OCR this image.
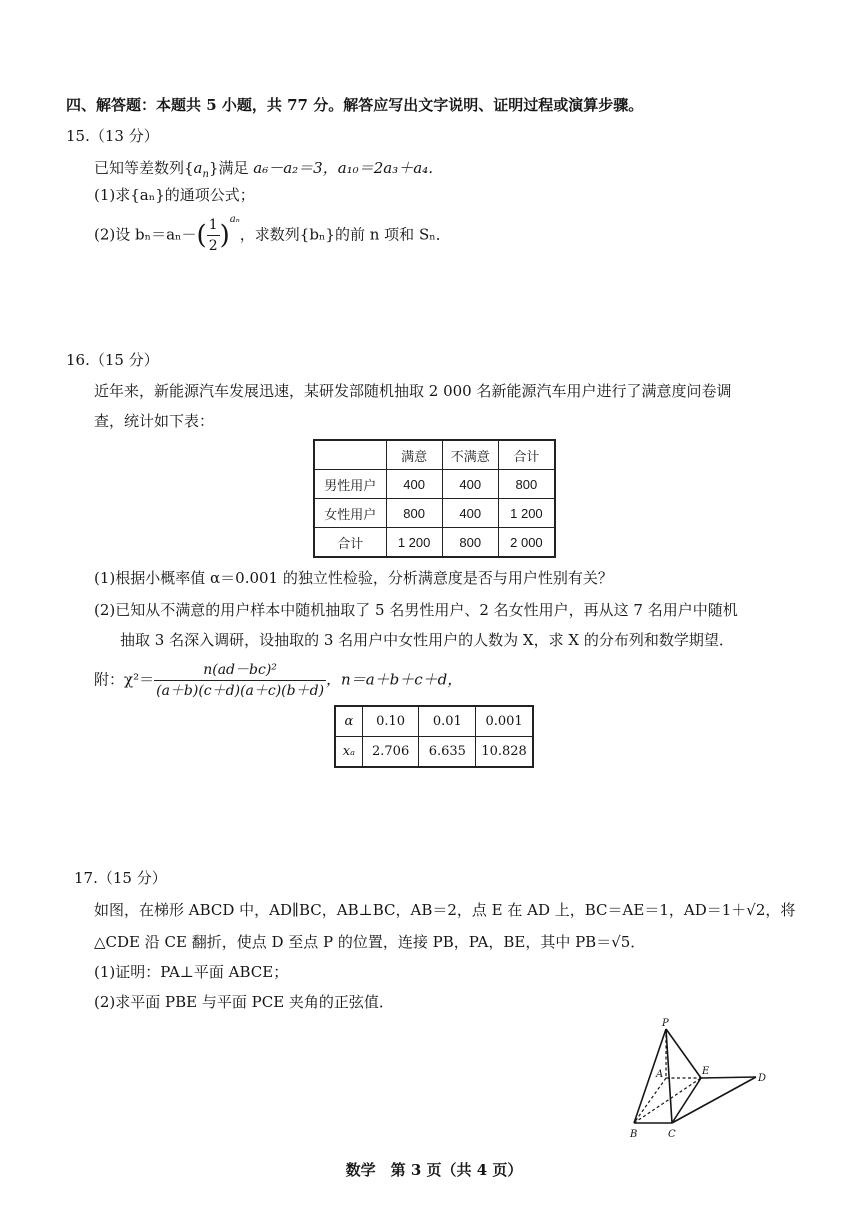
四、解答题：本题共 5 小题，共 77 分。解答应写出文字说明、证明过程或演算步骤。
15.（13 分）
已知等差数列$\{a_n\}$满足 a₆－a₂＝3，a₁₀＝2a₃＋a₄．
(1)求{aₙ}的通项公式；
(2)设 $b_n=a_n-( \frac{1}{2} )^{a_n}$，求数列{bₙ}的前 n 项和 Sₙ．
16.（15 分）
近年来，新能源汽车发展迅速，某研发部随机抽取 2 000 名新能源汽车用户进行了满意度问卷调
查，统计如下表：
	满意	不满意	合计
男性用户	400	400	800
女性用户	800	400	1 200
合计	1 200	800	2 000
(1)根据小概率值 α＝0.001 的独立性检验，分析满意度是否与用户性别有关？
(2)已知从不满意的用户样本中随机抽取了 5 名男性用户、2 名女性用户，再从这 7 名用户中随机
抽取 3 名深入调研，设抽取的 3 名用户中女性用户的人数为 X，求 X 的分布列和数学期望．
附：$\chi^2= \frac{\text{n(ad－bc)²}}{(a+b)(c+d)(a+c)(b+d)}$ ，n＝a＋b＋c＋d，
α	0.10	0.01	0.001
xₐ	2.706	6.635	10.828
17.（15 分）
如图，在梯形 ABCD 中，AD∥BC，AB⊥BC，AB＝2，点 E 在 AD 上，BC＝AE＝1，AD＝1＋√2，将
△CDE 沿 CE 翻折，使点 D 至点 P 的位置，连接 PB，PA，BE，其中 PB＝√5．
(1)证明：PA⊥平面 ABCE；
(2)求平面 PBE 与平面 PCE 夹角的正弦值．
P
A	E
D
B	C
数学　第 3 页（共 4 页）
